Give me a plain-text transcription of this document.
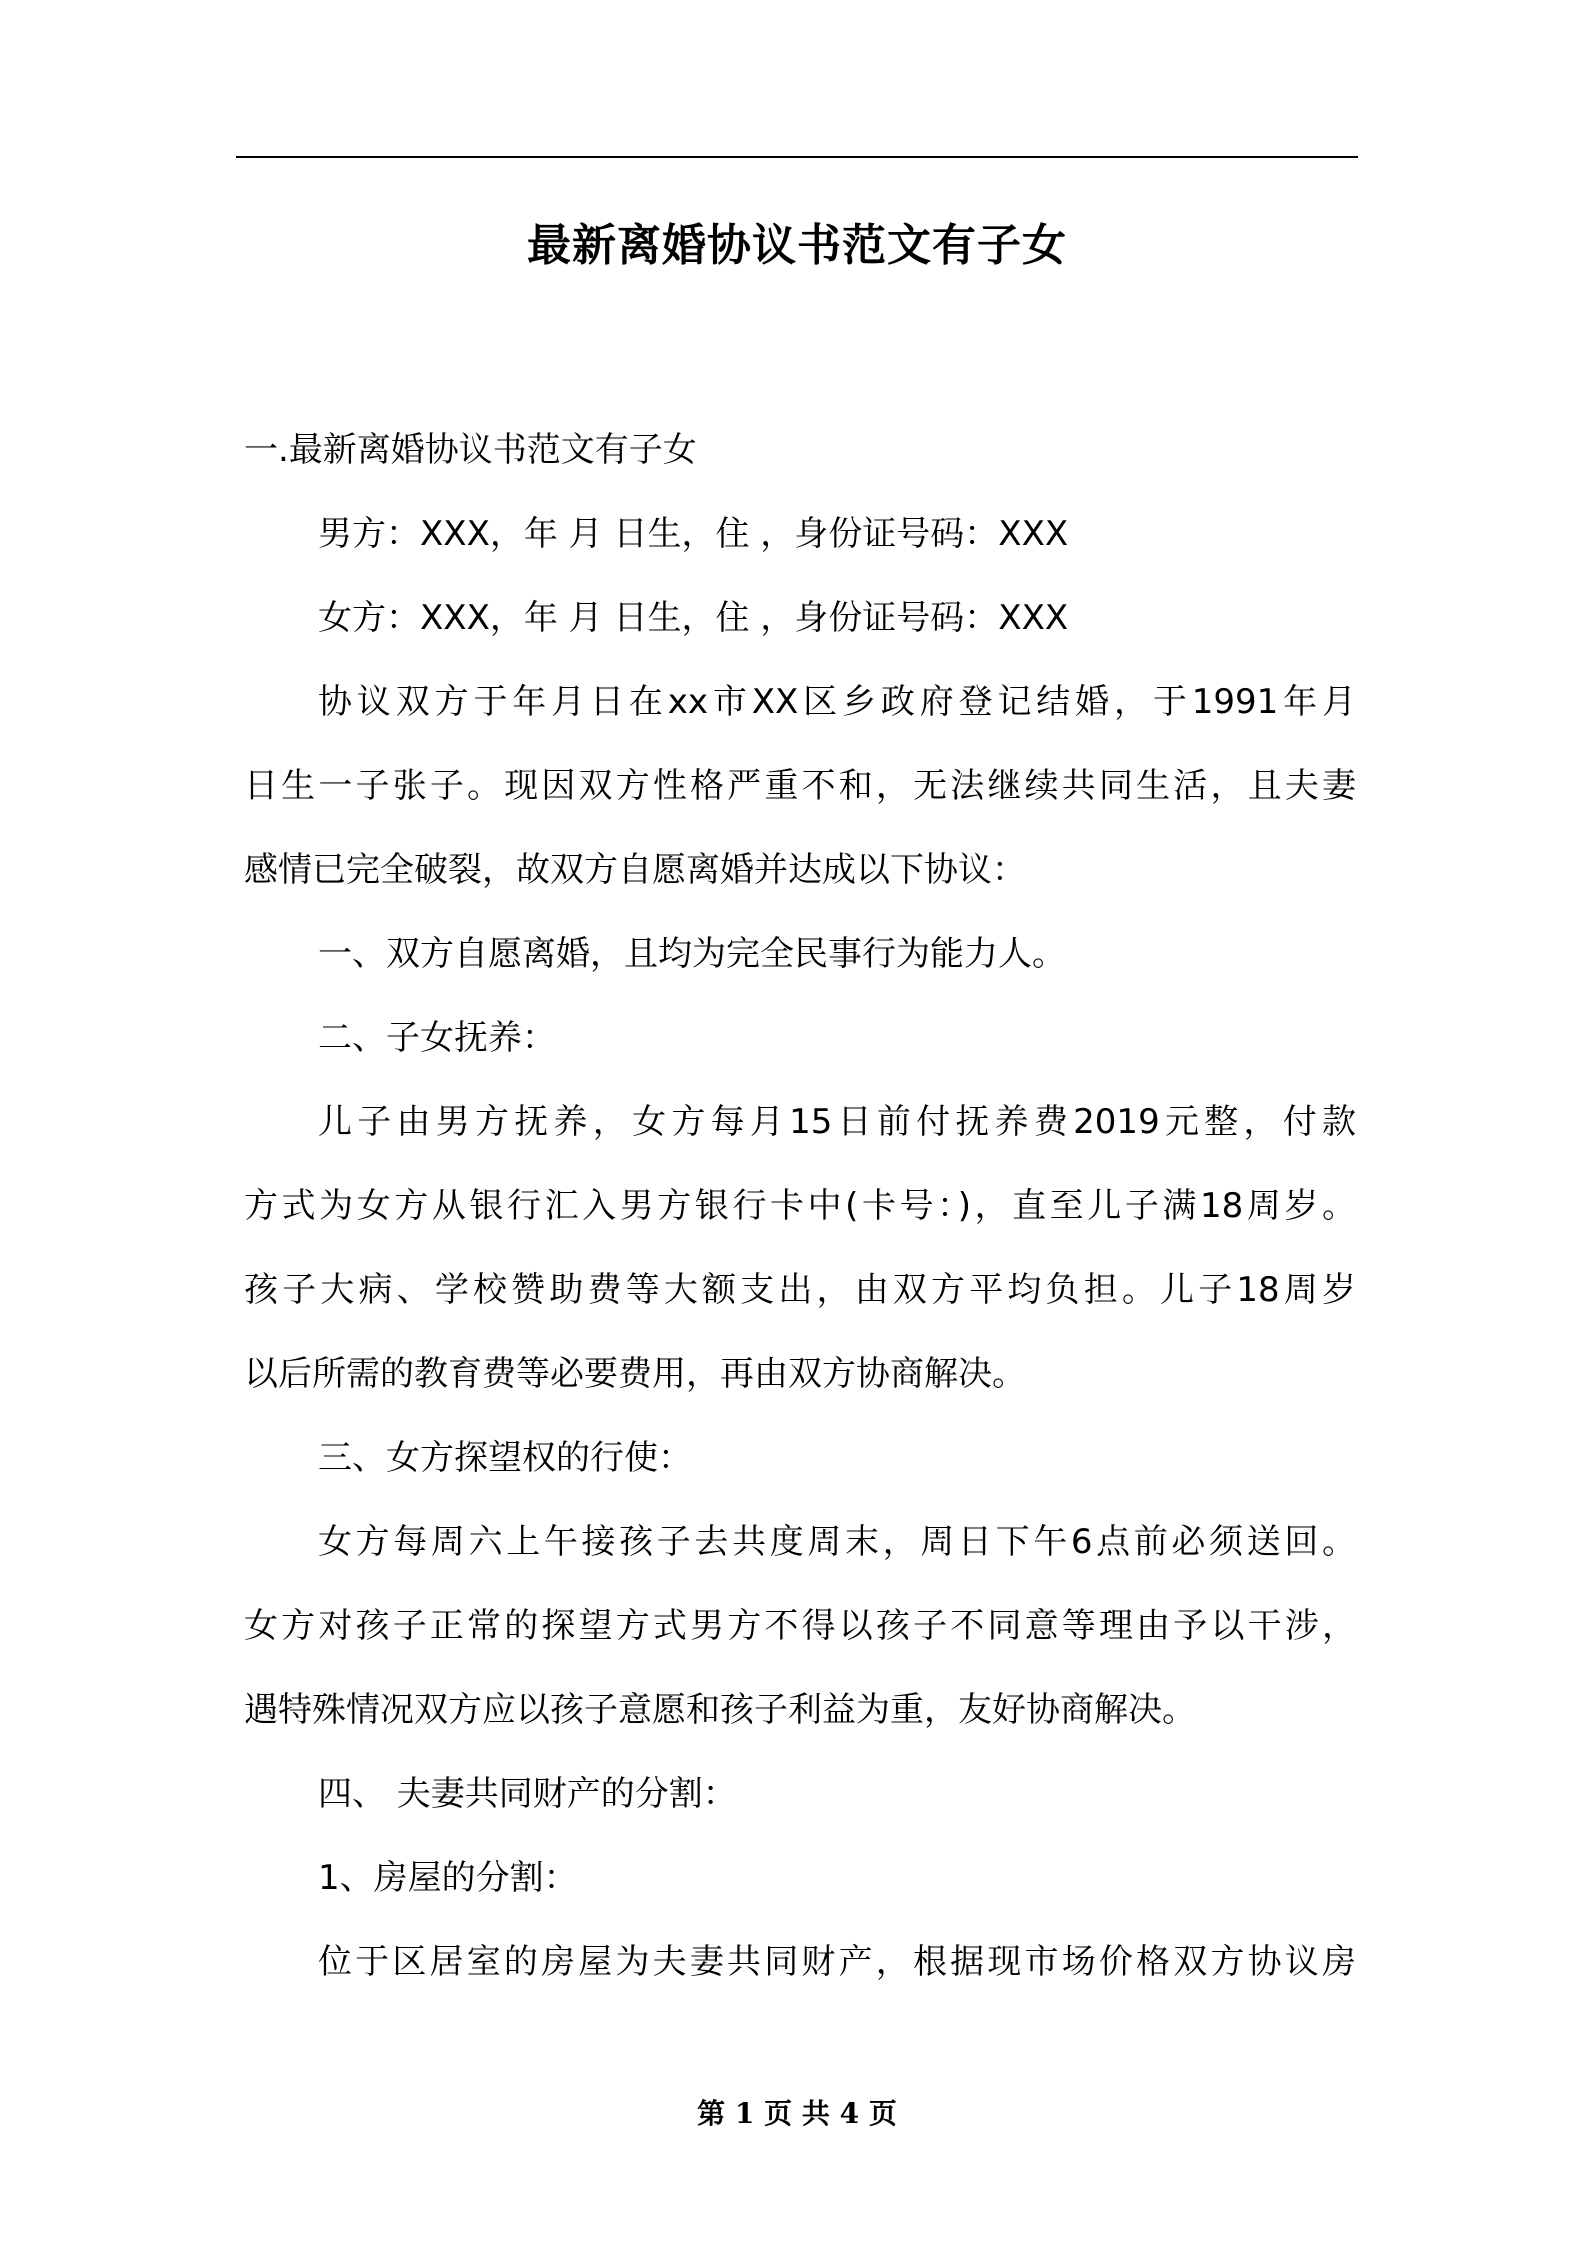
最新离婚协议书范文有子女
一.最新离婚协议书范文有子女
男方：XXX，年 月 日生，住 ，身份证号码：XXX
女方：XXX，年 月 日生，住 ，身份证号码：XXX
协议双方于年月日在xx市XX区乡政府登记结婚，于1991年月
日生一子张子。现因双方性格严重不和，无法继续共同生活，且夫妻
感情已完全破裂，故双方自愿离婚并达成以下协议：
一、双方自愿离婚，且均为完全民事行为能力人。
二、子女抚养：
儿子由男方抚养，女方每月15日前付抚养费2019元整，付款
方式为女方从银行汇入男方银行卡中(卡号：)，直至儿子满18周岁。
孩子大病、学校赞助费等大额支出，由双方平均负担。儿子18周岁
以后所需的教育费等必要费用，再由双方协商解决。
三、女方探望权的行使：
女方每周六上午接孩子去共度周末，周日下午6点前必须送回。
女方对孩子正常的探望方式男方不得以孩子不同意等理由予以干涉，
遇特殊情况双方应以孩子意愿和孩子利益为重，友好协商解决。
四、 夫妻共同财产的分割：
1、房屋的分割：
位于区居室的房屋为夫妻共同财产，根据现市场价格双方协议房
第 1 页 共 4 页
